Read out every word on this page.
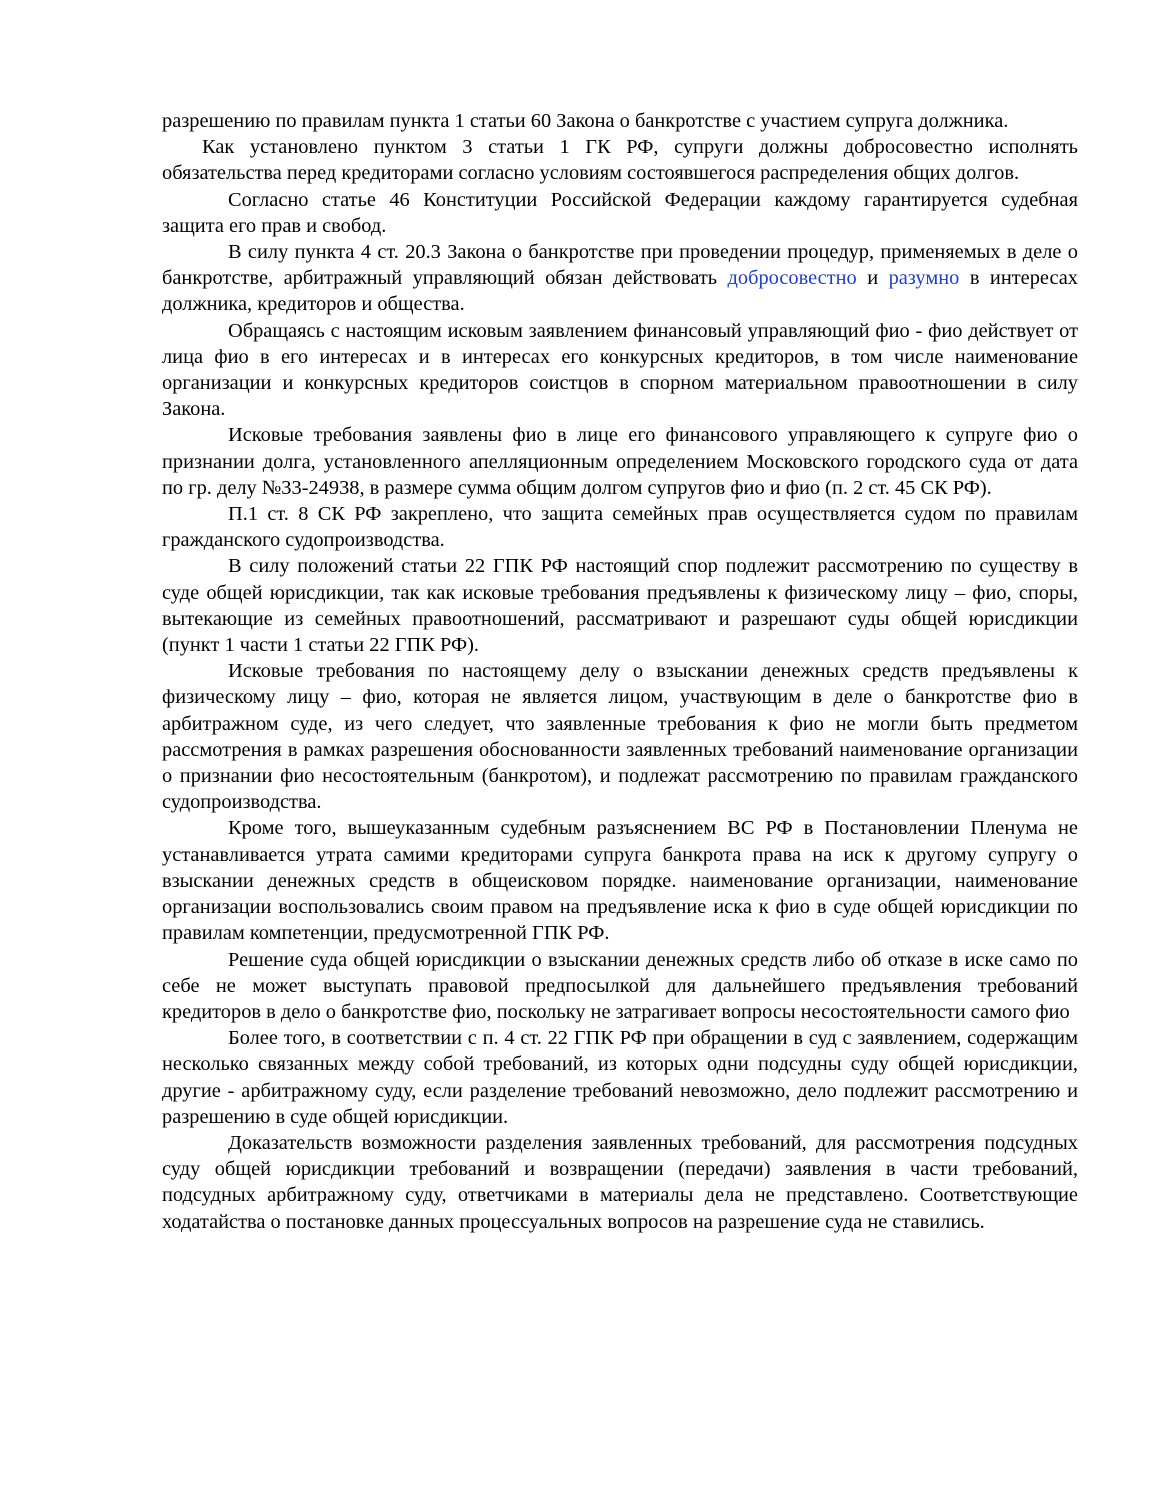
разрешению по правилам пункта 1 статьи 60 Закона о банкротстве с участием супруга должника.

Как установлено пунктом 3 статьи 1 ГК РФ, супруги должны добросовестно исполнять обязательства перед кредиторами согласно условиям состоявшегося распределения общих долгов.

Согласно статье 46 Конституции Российской Федерации каждому гарантируется судебная защита его прав и свобод.

В силу пункта 4 ст. 20.3 Закона о банкротстве при проведении процедур, применяемых в деле о банкротстве, арбитражный управляющий обязан действовать добросовестно и разумно в интересах должника, кредиторов и общества.

Обращаясь с настоящим исковым заявлением финансовый управляющий фио - фио действует от лица фио в его интересах и в интересах его конкурсных кредиторов, в том числе наименование организации и конкурсных кредиторов соистцов в спорном материальном правоотношении в силу Закона.

Исковые требования заявлены фио в лице его финансового управляющего к супруге фио о признании долга, установленного апелляционным определением Московского городского суда от дата по гр. делу №33-24938, в размере сумма общим долгом супругов фио и фио (п. 2 ст. 45 СК РФ).

П.1 ст. 8 СК РФ закреплено, что защита семейных прав осуществляется судом по правилам гражданского судопроизводства.

В силу положений статьи 22 ГПК РФ настоящий спор подлежит рассмотрению по существу в суде общей юрисдикции, так как исковые требования предъявлены к физическому лицу – фио, споры, вытекающие из семейных правоотношений, рассматривают и разрешают суды общей юрисдикции (пункт 1 части 1 статьи 22 ГПК РФ).

Исковые требования по настоящему делу о взыскании денежных средств предъявлены к физическому лицу – фио, которая не является лицом, участвующим в деле о банкротстве фио в арбитражном суде, из чего следует, что заявленные требования к фио не могли быть предметом рассмотрения в рамках разрешения обоснованности заявленных требований наименование организации о признании фио несостоятельным (банкротом), и подлежат рассмотрению по правилам гражданского судопроизводства.

Кроме того, вышеуказанным судебным разъяснением ВС РФ в Постановлении Пленума не устанавливается утрата самими кредиторами супруга банкрота права на иск к другому супругу о взыскании денежных средств в общеисковом порядке. наименование организации, наименование организации воспользовались своим правом на предъявление иска к фио в суде общей юрисдикции по правилам компетенции, предусмотренной ГПК РФ.

Решение суда общей юрисдикции о взыскании денежных средств либо об отказе в иске само по себе не может выступать правовой предпосылкой для дальнейшего предъявления требований кредиторов в дело о банкротстве фио, поскольку не затрагивает вопросы несостоятельности самого фио

Более того, в соответствии с п. 4 ст. 22 ГПК РФ при обращении в суд с заявлением, содержащим несколько связанных между собой требований, из которых одни подсудны суду общей юрисдикции, другие - арбитражному суду, если разделение требований невозможно, дело подлежит рассмотрению и разрешению в суде общей юрисдикции.

Доказательств возможности разделения заявленных требований, для рассмотрения подсудных суду общей юрисдикции требований и возвращении (передачи) заявления в части требований, подсудных арбитражному суду, ответчиками в материалы дела не представлено. Соответствующие ходатайства о постановке данных процессуальных вопросов на разрешение суда не ставились.
